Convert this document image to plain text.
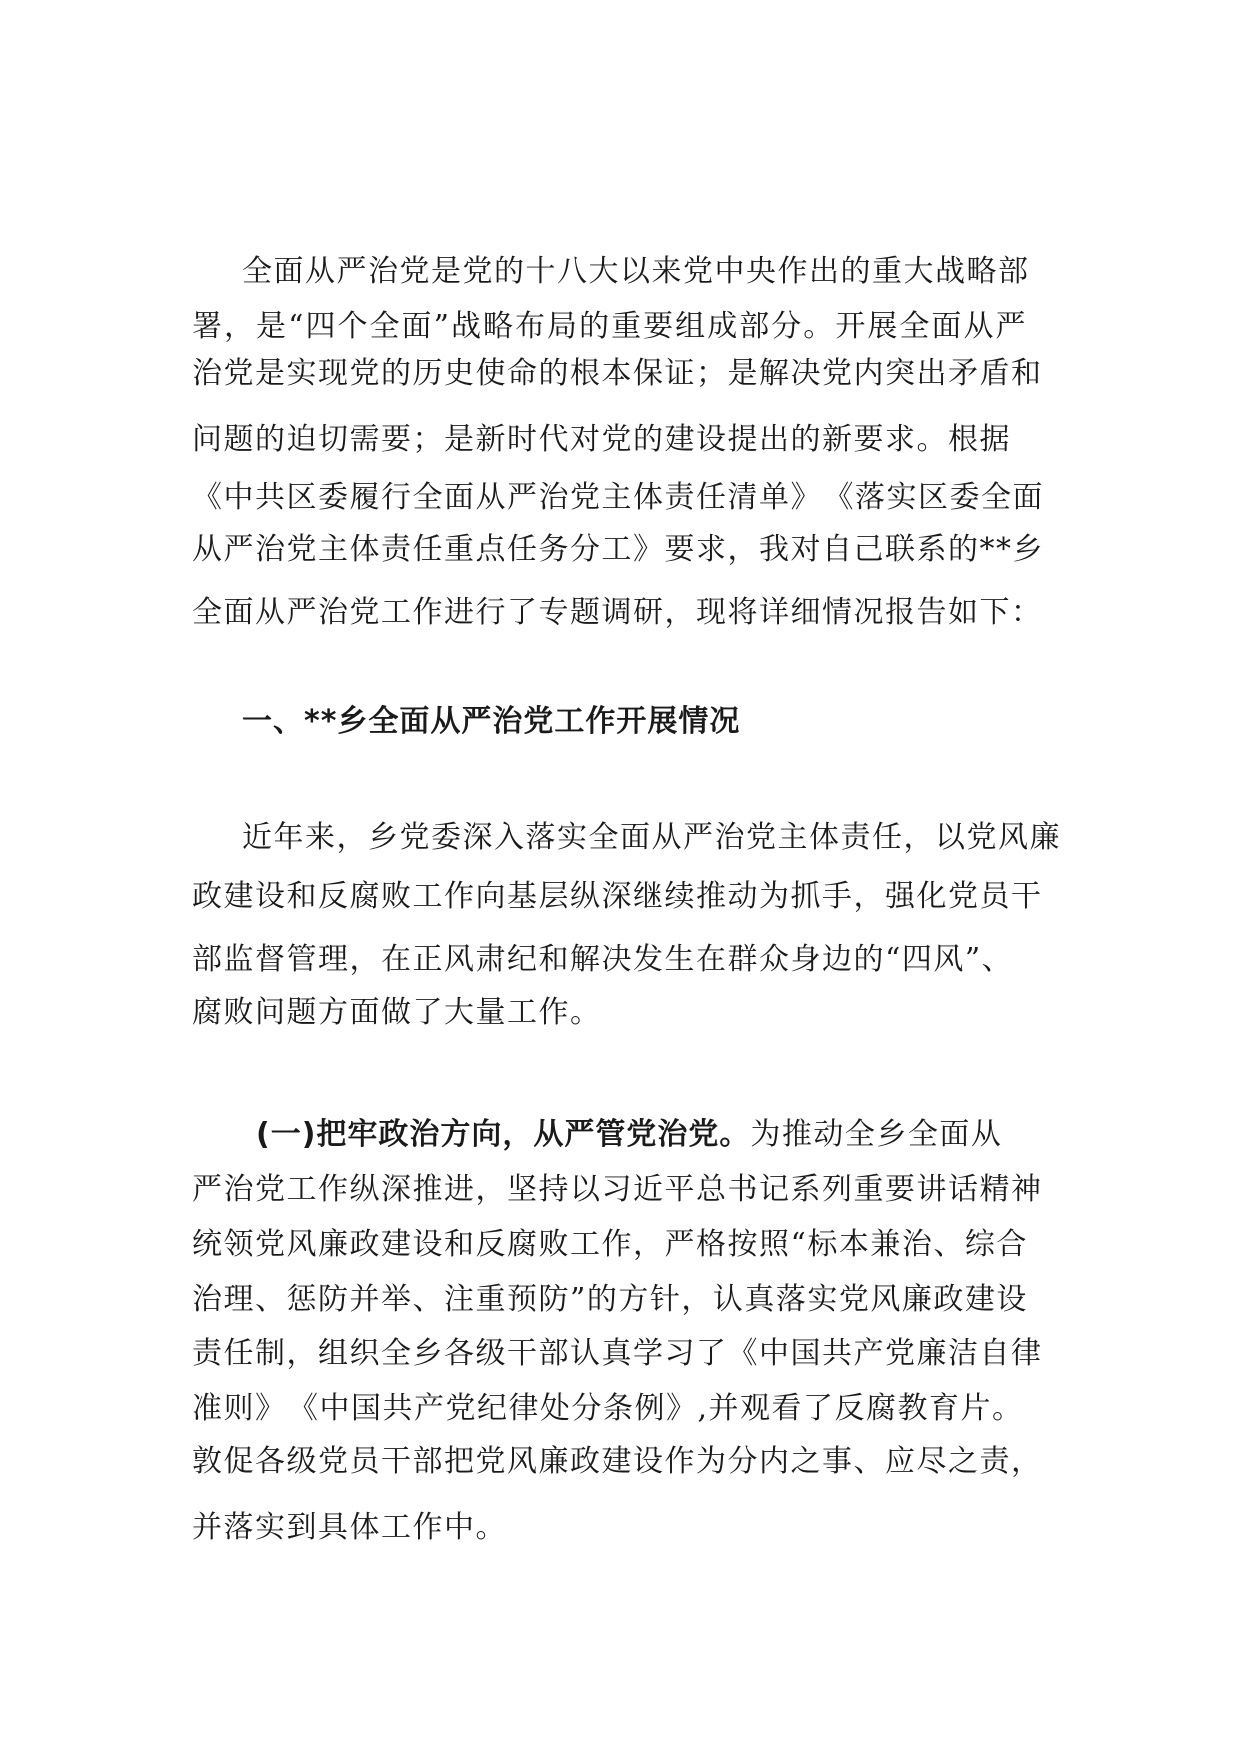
全面从严治党是党的十八大以来党中央作出的重大战略部
署，是“四个全面”战略布局的重要组成部分。开展全面从严
治党是实现党的历史使命的根本保证；是解决党内突出矛盾和
问题的迫切需要；是新时代对党的建设提出的新要求。根据
《中共区委履行全面从严治党主体责任清单》　《落实区委全面
从严治党主体责任重点任务分工》要求，我对自己联系的**乡
全面从严治党工作进行了专题调研，现将详细情况报告如下：
一、**乡全面从严治党工作开展情况
近年来，乡党委深入落实全面从严治党主体责任，以党风廉
政建设和反腐败工作向基层纵深继续推动为抓手，强化党员干
部监督管理，在正风肃纪和解决发生在群众身边的“四风”、
腐败问题方面做了大量工作。
(一)把牢政治方向，从严管党治党。为推动全乡全面从
严治党工作纵深推进，坚持以习近平总书记系列重要讲话精神
统领党风廉政建设和反腐败工作，严格按照“标本兼治、综合
治理、惩防并举、注重预防”的方针，认真落实党风廉政建设
责任制，组织全乡各级干部认真学习了《中国共产党廉洁自律
准则》　《中国共产党纪律处分条例》,并观看了反腐教育片。
敦促各级党员干部把党风廉政建设作为分内之事、应尽之责，
并落实到具体工作中。
